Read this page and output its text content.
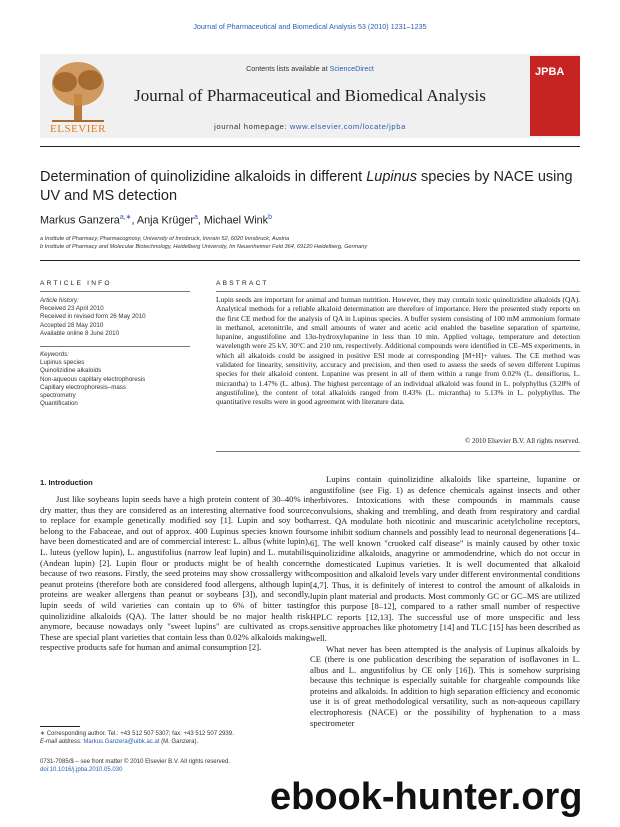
Journal of Pharmaceutical and Biomedical Analysis 53 (2010) 1231–1235
ELSEVIER
Contents lists available at ScienceDirect
Journal of Pharmaceutical and Biomedical Analysis
journal homepage: www.elsevier.com/locate/jpba
JPBA
Determination of quinolizidine alkaloids in different Lupinus species by NACE using UV and MS detection
Markus Ganzera$^{a,∗}$, Anja Krüger$^a$, Michael Wink$^b$
a Institute of Pharmacy, Pharmacognosy, University of Innsbruck, Innrain 52, 6020 Innsbruck, Austria
b Institute of Pharmacy and Molecular Biotechnology, Heidelberg University, Im Neuenheimer Feld 364, 69120 Heidelberg, Germany
ARTICLE INFO
Article history:
Received 23 April 2010
Received in revised form 26 May 2010
Accepted 28 May 2010
Available online 8 June 2010
Keywords:
Lupinus species
Quinolizidine alkaloids
Non-aqueous capillary electrophoresis
Capillary electrophoresis–mass
spectrometry
Quantification
ABSTRACT
Lupin seeds are important for animal and human nutrition. However, they may contain toxic quinolizidine alkaloids (QA). Analytical methods for a reliable alkaloid determination are therefore of importance. Here the presented study reports on the first CE method for the analysis of QA in Lupinus species. A buffer system consisting of 100 mM ammonium formate in methanol, acetonitrile, and small amounts of water and acetic acid enabled the baseline separation of sparteine, lupanine, angustifoline and 13α-hydroxylupanine in less than 10 min. Applied voltage, temperature and detection wavelength were 25 kV, 30°C and 210 nm, respectively. Additional compounds were identified in CE–MS experiments, in which all alkaloids could be assigned in positive ESI mode at corresponding [M+H]+ values. The CE method was validated for linearity, sensitivity, accuracy and precision, and then used to assess the seeds of seven different Lupinus species for their alkaloid content. Lupanine was present in all of them within a range from 0.02% (L. densiflorus, L. micrantha) to 1.47% (L. albus). The highest percentage of an individual alkaloid was found in L. polyphyllus (3.28% of angustifoline), the content of total alkaloids ranged from 0.43% (L. micrantha) to 5.13% in L. polyphyllus. The quantitative results were in good agreement with literature data.
© 2010 Elsevier B.V. All rights reserved.
1. Introduction

Just like soybeans lupin seeds have a high protein content of 30–40% in dry matter, thus they are considered as an interesting alternative food source to replace for example genetically modified soy [1]. Lupin and soy both belong to the Fabaceae, and out of approx. 400 Lupinus species known four have been domesticated and are of commercial interest: L. albus (white lupin), L. luteus (yellow lupin), L. angustifolius (narrow leaf lupin) and L. mutabilis (Andean lupin) [2]. Lupin flour or products might be of health concern because of two reasons. Firstly, the seed proteins may show crossallergy with peanut proteins (therefore both are considered food allergens, although lupin proteins are weaker allergens than peanut or soybeans [3]), and secondly, lupin seeds of wild varieties can contain up to 6% of bitter tasting quinolizidine alkaloids (QA). The latter should be no major health risk anymore, because nowadays only "sweet lupins" are cultivated as crops. These are special plant varieties that contain less than 0.02% alkaloids making respective products safe for human and animal consumption [2].

Lupins contain quinolizidine alkaloids like sparteine, lupanine or angustifoline (see Fig. 1) as defence chemicals against insects and other herbivores. Intoxications with these compounds in mammals cause convulsions, shaking and trembling, and death from respiratory and cardial arrest. QA modulate both nicotinic and muscarinic acetylcholine receptors, some inhibit sodium channels and possibly lead to neuronal degenerations [4–6]. The well known "crooked calf disease" is mainly caused by other toxic quinolizidine alkaloids, anagyrine or ammodendrine, which do not occur in the domesticated Lupinus varieties. It is well documented that alkaloid composition and alkaloid levels vary under different environmental conditions [4,7]. Thus, it is definitely of interest to control the amount of alkaloids in lupin plant material and products. Most commonly GC or GC–MS are utilized for this purpose [8–12], compared to a rather small number of respective HPLC reports [12,13]. The successful use of more unspecific and less sensitive approaches like photometry [14] and TLC [15] has been described as well.

What never has been attempted is the analysis of Lupinus alkaloids by CE (there is one publication describing the separation of isoflavones in L. albus and L. angustifolius by CE only [16]). This is somehow surprising because this technique is especially suitable for chargeable compounds like proteins and alkaloids. In addition to high separation efficiency and economic use it is of great methodological versatility, such as non-aqueous capillary electrophoresis (NACE) or the possibility of hyphenation to a mass spectrometer

∗ Corresponding author. Tel.: +43 512 507 5307; fax: +43 512 507 2939.
E-mail address: Markus.Ganzera@uibk.ac.at (M. Ganzera).
0731-7085/$ – see front matter © 2010 Elsevier B.V. All rights reserved.
doi:10.1016/j.jpba.2010.05.030
ebook-hunter.org
